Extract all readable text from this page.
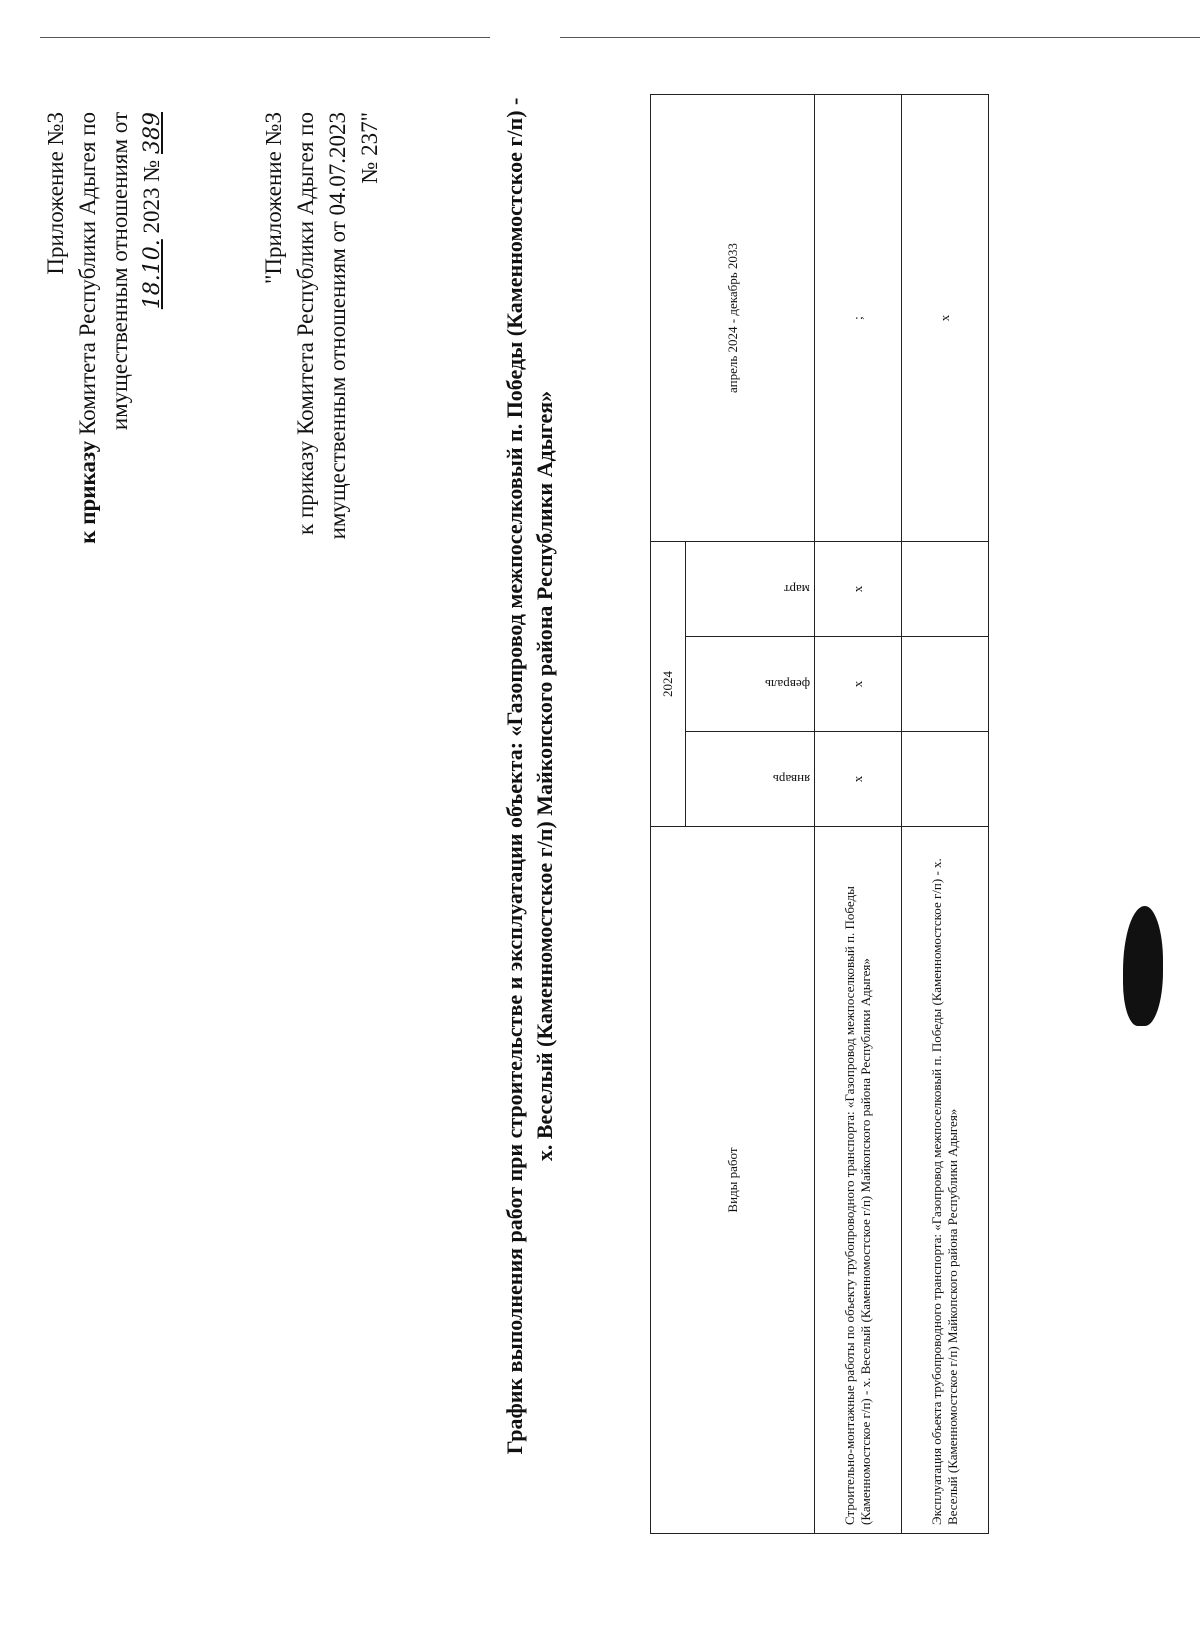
Приложение №3
к приказу Комитета Республики Адыгея по имущественным отношениям от 18.10. 2023 № 389	"Приложение №3 к приказу Комитета Республики Адыгея по имущественным отношениям от 04.07.2023 № 237"	График выполнения работ при строительстве и эксплуатации объекта: «Газопровод межпоселковый п. Победы (Каменномостское г/п) - х. Веселый (Каменномостское г/п) Майкопского района Республики Адыгея»
Виды работ	2024			апрель 2024 - декабрь 2033

	январь	февраль	март	

Строительно-монтажные работы по объекту трубопроводного транспорта: «Газопровод межпоселковый п. Победы (Каменномостское г/п) - х. Веселый (Каменномостское г/п) Майкопского района Республики Адыгея»	х	х	х	;
Эксплуатация объекта трубопроводного транспорта: «Газопровод межпоселковый п. Победы (Каменномостское г/п) - х. Веселый (Каменномостское г/п) Майкопского района Республики Адыгея»				х
